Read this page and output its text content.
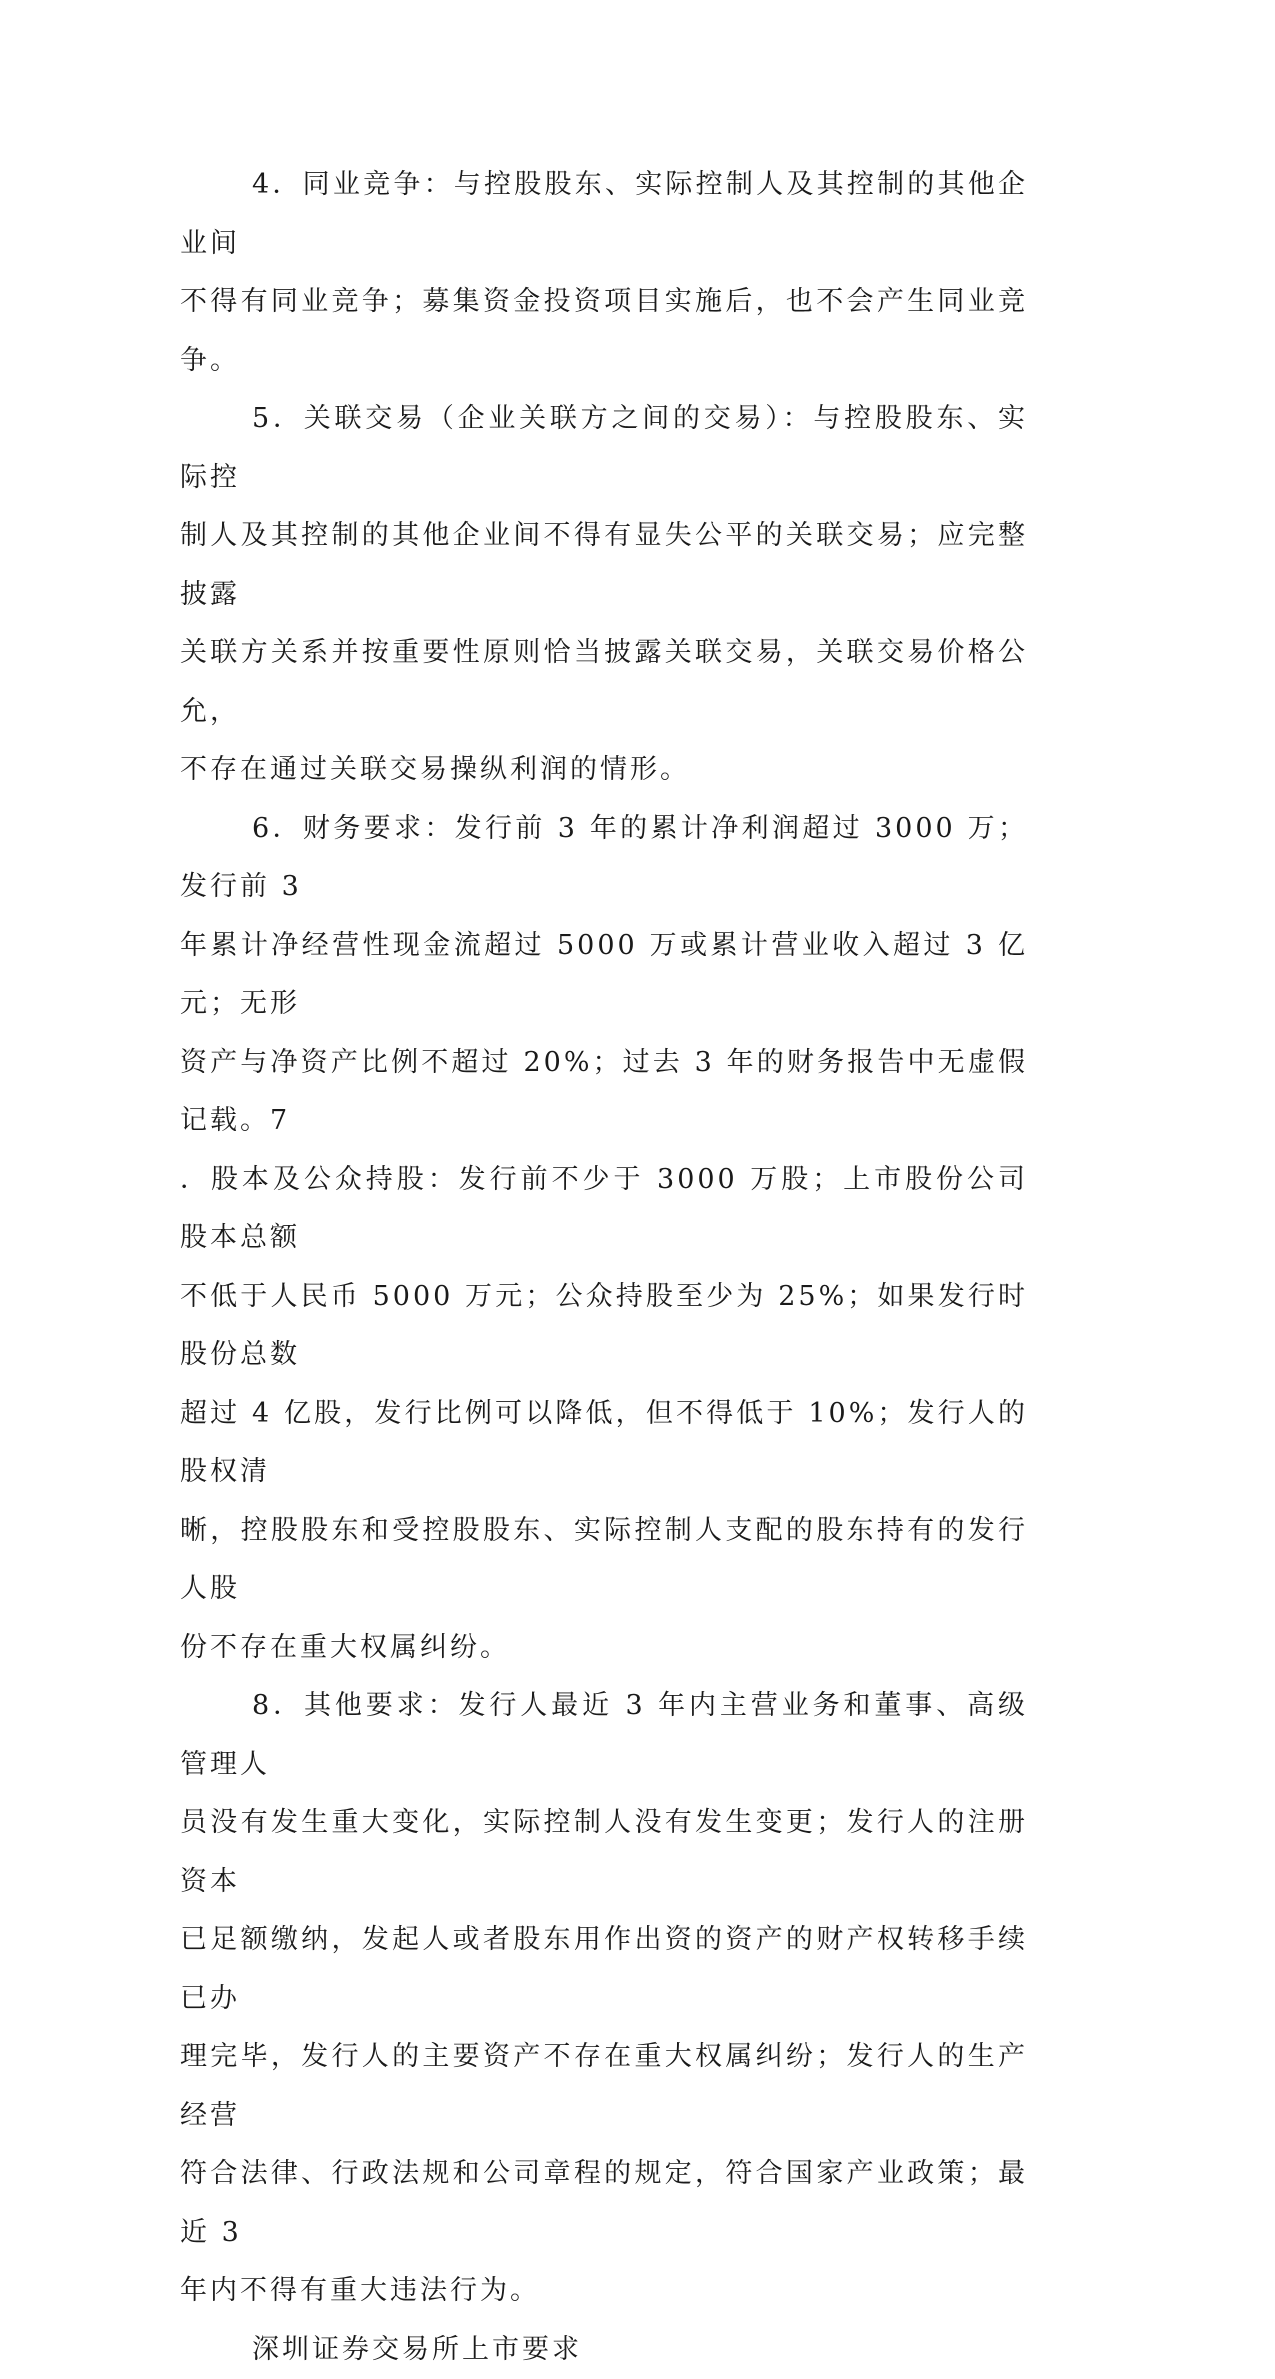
4．同业竞争：与控股股东、实际控制人及其控制的其他企业间
不得有同业竞争；募集资金投资项目实施后，也不会产生同业竞争。

5．关联交易（企业关联方之间的交易）：与控股股东、实际控
制人及其控制的其他企业间不得有显失公平的关联交易；应完整披露
关联方关系并按重要性原则恰当披露关联交易，关联交易价格公允，
不存在通过关联交易操纵利润的情形。

6．财务要求：发行前 3 年的累计净利润超过 3000 万；发行前 3
年累计净经营性现金流超过 5000 万或累计营业收入超过 3 亿元；无形
资产与净资产比例不超过 20%；过去 3 年的财务报告中无虚假记载。7
．股本及公众持股：发行前不少于 3000 万股；上市股份公司股本总额
不低于人民币 5000 万元；公众持股至少为 25%；如果发行时股份总数
超过 4 亿股，发行比例可以降低，但不得低于 10%；发行人的股权清
晰，控股股东和受控股股东、实际控制人支配的股东持有的发行人股
份不存在重大权属纠纷。

8．其他要求：发行人最近 3 年内主营业务和董事、高级管理人
员没有发生重大变化，实际控制人没有发生变更；发行人的注册资本
已足额缴纳，发起人或者股东用作出资的资产的财产权转移手续已办
理完毕，发行人的主要资产不存在重大权属纠纷；发行人的生产经营
符合法律、行政法规和公司章程的规定，符合国家产业政策；最近 3
年内不得有重大违法行为。

深圳证券交易所上市要求
